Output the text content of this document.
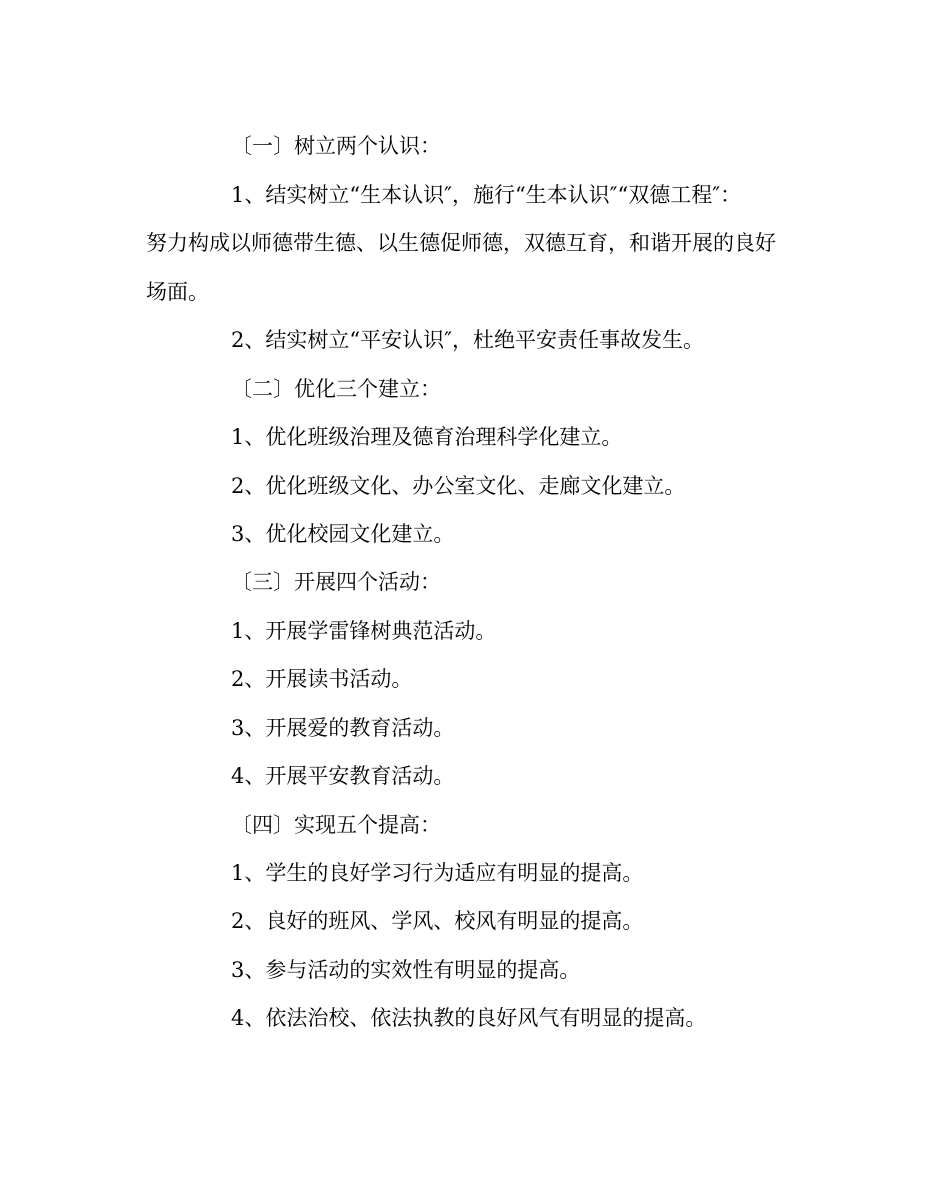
〔一〕树立两个认识：
1、结实树立“生本认识″，施行“生本认识″“双德工程″：
努力构成以师德带生德、以生德促师德，双德互育，和谐开展的良好
场面。
2、结实树立“平安认识″，杜绝平安责任事故发生。
〔二〕优化三个建立：
1、优化班级治理及德育治理科学化建立。
2、优化班级文化、办公室文化、走廊文化建立。
3、优化校园文化建立。
〔三〕开展四个活动：
1、开展学雷锋树典范活动。
2、开展读书活动。
3、开展爱的教育活动。
4、开展平安教育活动。
〔四〕实现五个提高：
1、学生的良好学习行为适应有明显的提高。
2、良好的班风、学风、校风有明显的提高。
3、参与活动的实效性有明显的提高。
4、依法治校、依法执教的良好风气有明显的提高。
